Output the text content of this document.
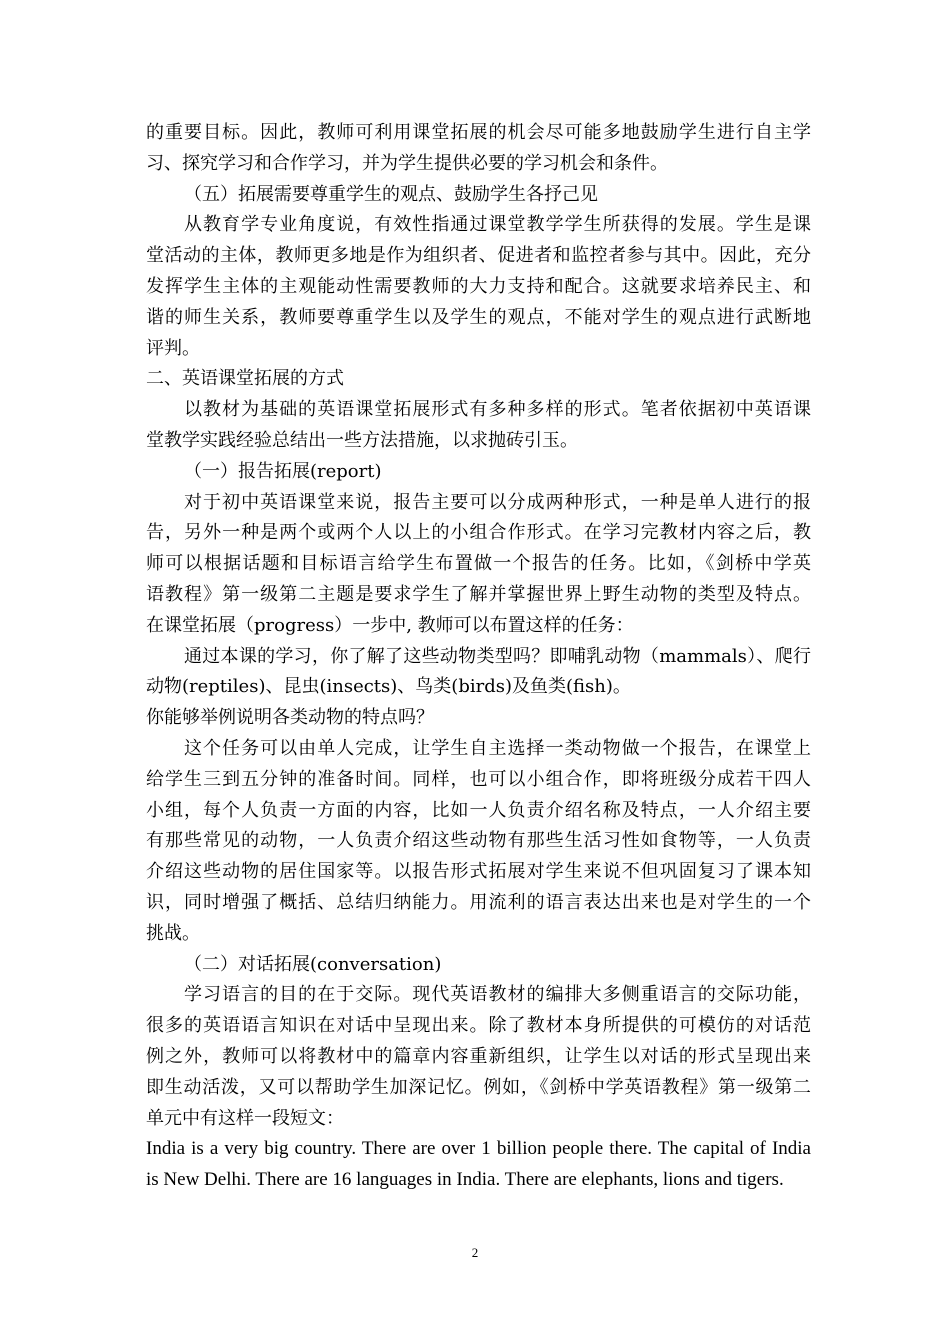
的重要目标。因此，教师可利用课堂拓展的机会尽可能多地鼓励学生进行自主学
习、探究学习和合作学习，并为学生提供必要的学习机会和条件。
（五）拓展需要尊重学生的观点、鼓励学生各抒己见
从教育学专业角度说，有效性指通过课堂教学学生所获得的发展。学生是课
堂活动的主体，教师更多地是作为组织者、促进者和监控者参与其中。因此，充分
发挥学生主体的主观能动性需要教师的大力支持和配合。这就要求培养民主、和
谐的师生关系，教师要尊重学生以及学生的观点，不能对学生的观点进行武断地
评判。
二、英语课堂拓展的方式
以教材为基础的英语课堂拓展形式有多种多样的形式。笔者依据初中英语课
堂教学实践经验总结出一些方法措施，以求抛砖引玉。
（一）报告拓展(report)
对于初中英语课堂来说，报告主要可以分成两种形式，一种是单人进行的报
告，另外一种是两个或两个人以上的小组合作形式。在学习完教材内容之后，教
师可以根据话题和目标语言给学生布置做一个报告的任务。比如，《剑桥中学英
语教程》第一级第二主题是要求学生了解并掌握世界上野生动物的类型及特点。
在课堂拓展（progress）一步中, 教师可以布置这样的任务：
通过本课的学习，你了解了这些动物类型吗？即哺乳动物（mammals）、爬行
动物(reptiles)、昆虫(insects)、鸟类(birds)及鱼类(fish)。
你能够举例说明各类动物的特点吗？
这个任务可以由单人完成，让学生自主选择一类动物做一个报告，在课堂上
给学生三到五分钟的准备时间。同样，也可以小组合作，即将班级分成若干四人
小组，每个人负责一方面的内容，比如一人负责介绍名称及特点，一人介绍主要
有那些常见的动物，一人负责介绍这些动物有那些生活习性如食物等，一人负责
介绍这些动物的居住国家等。以报告形式拓展对学生来说不但巩固复习了课本知
识，同时增强了概括、总结归纳能力。用流利的语言表达出来也是对学生的一个
挑战。
（二）对话拓展(conversation)
学习语言的目的在于交际。现代英语教材的编排大多侧重语言的交际功能，
很多的英语语言知识在对话中呈现出来。除了教材本身所提供的可模仿的对话范
例之外，教师可以将教材中的篇章内容重新组织，让学生以对话的形式呈现出来
即生动活泼，又可以帮助学生加深记忆。例如，《剑桥中学英语教程》第一级第二
单元中有这样一段短文：
India is a very big country. There are over 1 billion people there. The capital of India
is New Delhi. There are 16 languages in India. There are elephants, lions and tigers.
2
